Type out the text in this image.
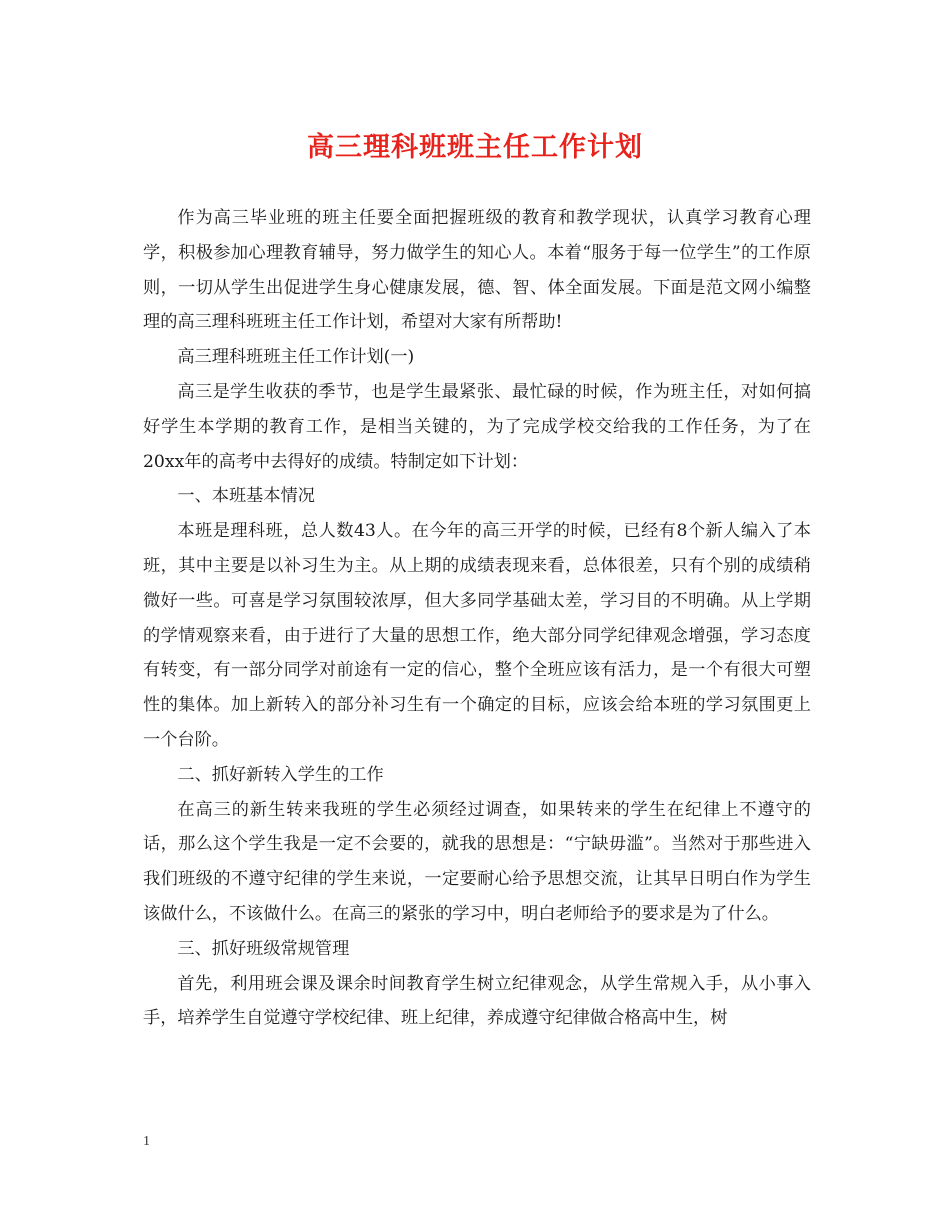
高三理科班班主任工作计划

作为高三毕业班的班主任要全面把握班级的教育和教学现状，认真学习教育心理学，积极参加心理教育辅导，努力做学生的知心人。本着“服务于每一位学生”的工作原则，一切从学生出促进学生身心健康发展，德、智、体全面发展。下面是范文网小编整理的高三理科班班主任工作计划，希望对大家有所帮助!

高三理科班班主任工作计划(一)

高三是学生收获的季节，也是学生最紧张、最忙碌的时候，作为班主任，对如何搞好学生本学期的教育工作，是相当关键的，为了完成学校交给我的工作任务，为了在20xx年的高考中去得好的成绩。特制定如下计划：

一、本班基本情况

本班是理科班，总人数43人。在今年的高三开学的时候，已经有8个新人编入了本班，其中主要是以补习生为主。从上期的成绩表现来看，总体很差，只有个别的成绩稍微好一些。可喜是学习氛围较浓厚，但大多同学基础太差，学习目的不明确。从上学期的学情观察来看，由于进行了大量的思想工作，绝大部分同学纪律观念增强，学习态度有转变，有一部分同学对前途有一定的信心，整个全班应该有活力，是一个有很大可塑性的集体。加上新转入的部分补习生有一个确定的目标，应该会给本班的学习氛围更上一个台阶。

二、抓好新转入学生的工作

在高三的新生转来我班的学生必须经过调查，如果转来的学生在纪律上不遵守的话，那么这个学生我是一定不会要的，就我的思想是：“宁缺毋滥”。当然对于那些进入我们班级的不遵守纪律的学生来说，一定要耐心给予思想交流，让其早日明白作为学生该做什么，不该做什么。在高三的紧张的学习中，明白老师给予的要求是为了什么。

三、抓好班级常规管理

首先，利用班会课及课余时间教育学生树立纪律观念，从学生常规入手，从小事入手，培养学生自觉遵守学校纪律、班上纪律，养成遵守纪律做合格高中生，树

1
